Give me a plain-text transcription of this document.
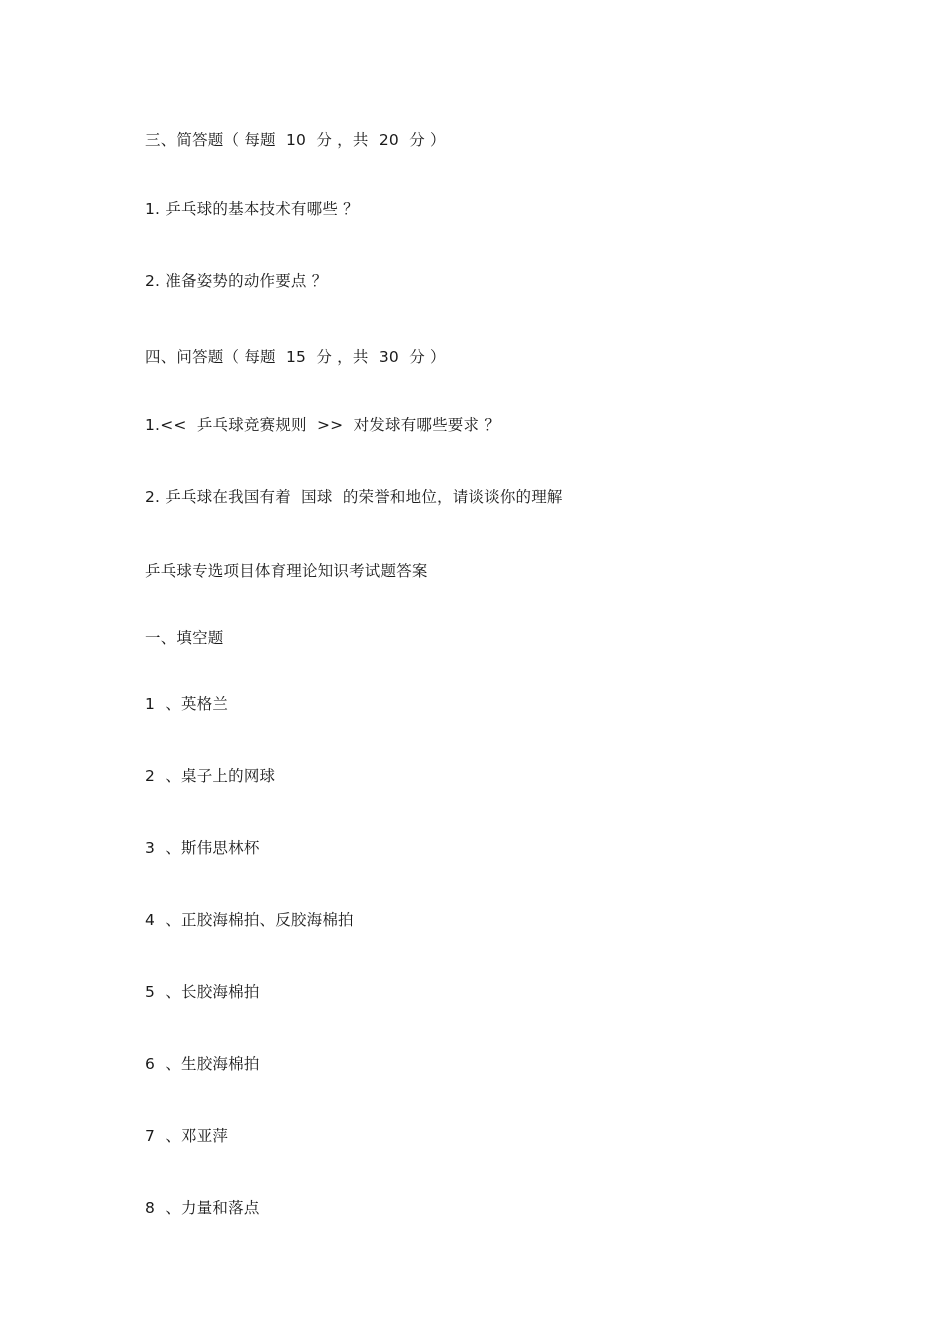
三、简答题（ 每题  10  分 ，共  20  分 ）
1. 乒乓球的基本技术有哪些 ？
2. 准备姿势的动作要点 ？
四、问答题（ 每题  15  分 ，共  30  分 ）
1.<<  乒乓球竞赛规则  >>  对发球有哪些要求 ？
2. 乒乓球在我国有着  国球  的荣誉和地位，请谈谈你的理解
乒乓球专选项目体育理论知识考试题答案
一、填空题
1  、英格兰
2  、桌子上的网球
3  、斯伟思林杯
4  、正胶海棉拍、反胶海棉拍
5  、长胶海棉拍
6  、生胶海棉拍
7  、邓亚萍
8  、力量和落点
